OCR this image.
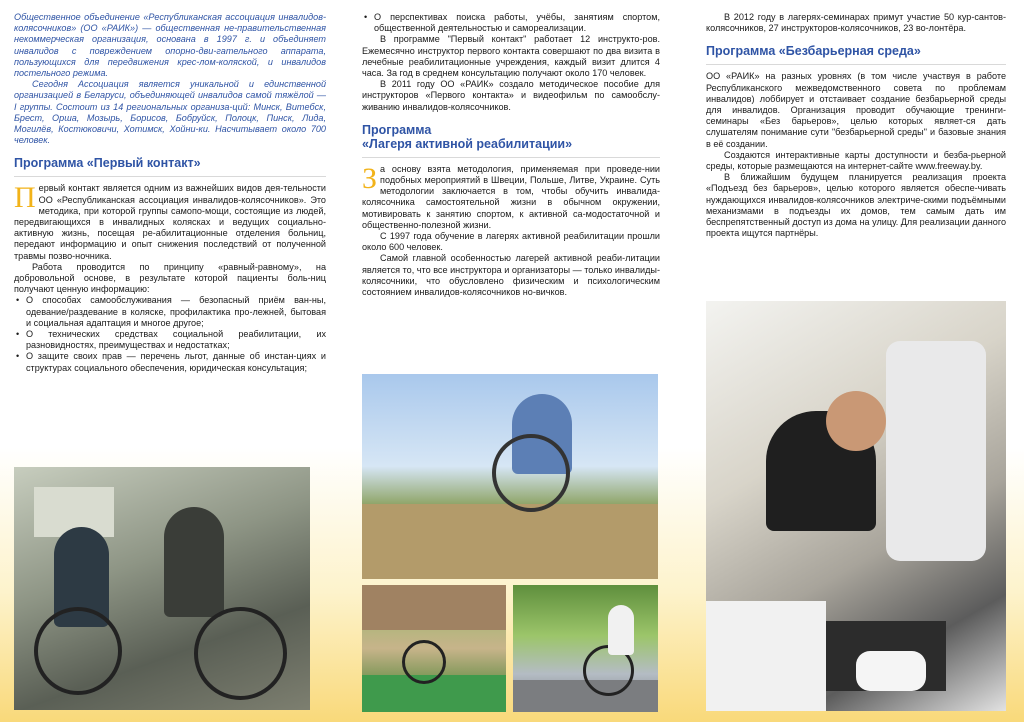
Общественное объединение «Республиканская ассоциация инвалидов-колясочников» (ОО «РАИК») — общественная не-правительственная некоммерческая организация, основана в 1997 г. и объединяет инвалидов с повреждением опорно-дви-гательного аппарата, пользующихся для передвижения крес-лом-коляской, и инвалидов постельного режима.

Сегодня Ассоциация является уникальной и единственной организацией в Беларуси, объединяющей инвалидов самой тяжёлой — I группы. Состоит из 14 региональных организа-ций: Минск, Витебск, Брест, Орша, Мозырь, Борисов, Бобруйск, Полоцк, Пинск, Лида, Могилёв, Костюковичи, Хотимск, Хойни-ки. Насчитывает около 700 человек.

Программа «Первый контакт»

Первый контакт является одним из важнейших видов дея-тельности ОО «Республиканская ассоциация инвалидов-колясочников». Это методика, при которой группы самопо-мощи, состоящие из людей, передвигающихся в инвалидных колясках и ведущих социально-активную жизнь, посещая ре-абилитационные отделения больниц, передают информацию и опыт снижения последствий от полученной травмы позво-ночника.

Работа проводится по принципу «равный-равному», на добровольной основе, в результате которой пациенты боль-ниц получают ценную информацию:

• О способах самообслуживания — безопасный приём ван-ны, одевание/раздевание в коляске, профилактика про-лежней, бытовая и социальная адаптация и многое другое;
• О технических средствах социальной реабилитации, их разновидностях, преимуществах и недостатках;
• О защите своих прав — перечень льгот, данные об инстан-циях и структурах социального обеспечения, юридическая консультация;
• О перспективах поиска работы, учёбы, занятиям спортом, общественной деятельностью и самореализации.

В программе "Первый контакт" работает 12 инструкто-ров. Ежемесячно инструктор первого контакта совершают по два визита в лечебные реабилитационные учреждения, каждый визит длится 4 часа. За год в среднем консультацию получают около 170 человек.

В 2011 году ОО «РАИК» создало методическое пособие для инструкторов «Первого контакта» и видеофильм по самообслу-живанию инвалидов-колясочников.

Программа
«Лагеря активной реабилитации»

За основу взята методология, применяемая при проведе-нии подобных мероприятий в Швеции, Польше, Литве, Украине. Суть методологии заключается в том, чтобы обучить инвалида-колясочника самостоятельной жизни в обычном окружении, мотивировать к занятию спортом, к активной са-модостаточной и общественно-полезной жизни.

С 1997 года обучение в лагерях активной реабилитации прошли около 600 человек.

Самой главной особенностью лагерей активной реаби-литации является то, что все инструктора и организаторы — только инвалиды-колясочники, что обусловлено физическим и психологическим состоянием инвалидов-колясочников но-вичков.

В 2012 году в лагерях-семинарах примут участие 50 кур-сантов-колясочников, 27 инструкторов-колясочников, 23 во-лонтёра.

Программа «Безбарьерная среда»

ОО «РАИК» на разных уровнях (в том числе участвуя в работе Республиканского межведомственного совета по проблемам инвалидов) лоббирует и отстаивает создание безбарьерной среды для инвалидов. Организация проводит обучающие тренинги-семинары «Без барьеров», целью которых являет-ся дать слушателям понимание сути "безбарьерной среды" и базовые знания в её создании.

Создаются интерактивные карты доступности и безба-рьерной среды, которые размещаются на интернет-сайте www.freeway.by.

В ближайшим будущем планируется реализация проекта «Подъезд без барьеров», целью которого является обеспе-чивать нуждающихся инвалидов-колясочников электриче-скими подъёмными механизмами в подъезды их домов, тем самым дать им беспрепятственный доступ из дома на улицу. Для реализации данного проекта ищутся партнёры.
